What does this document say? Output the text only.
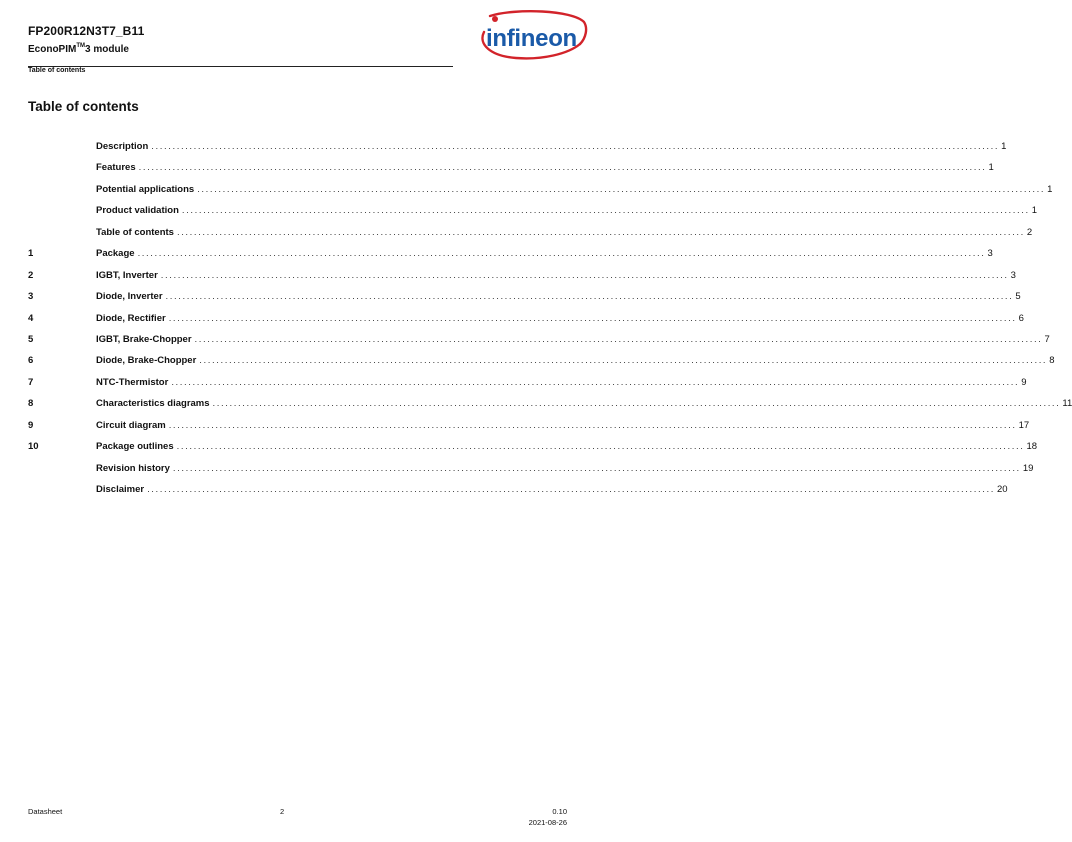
FP200R12N3T7_B11
EconoPIM™3 module
Table of contents
infineon
Table of contents
Description ........................................................................................................................................................................................................ 1
Features ........................................................................................................................................................................................................ 1
Potential applications ........................................................................................................................................................................................................ 1
Product validation ........................................................................................................................................................................................................ 1
Table of contents ........................................................................................................................................................................................................ 2
1	Package ........................................................................................................................................................................................................ 3
2	IGBT, Inverter ........................................................................................................................................................................................................ 3
3	Diode, Inverter ........................................................................................................................................................................................................ 5
4	Diode, Rectifier ........................................................................................................................................................................................................ 6
5	IGBT, Brake-Chopper ........................................................................................................................................................................................................ 7
6	Diode, Brake-Chopper ........................................................................................................................................................................................................ 8
7	NTC-Thermistor ........................................................................................................................................................................................................ 9
8	Characteristics diagrams ........................................................................................................................................................................................................ 11
9	Circuit diagram ........................................................................................................................................................................................................ 17
10	Package outlines ........................................................................................................................................................................................................ 18
Revision history ........................................................................................................................................................................................................ 19
Disclaimer ........................................................................................................................................................................................................ 20
Datasheet	2	0.10
2021-08-26
